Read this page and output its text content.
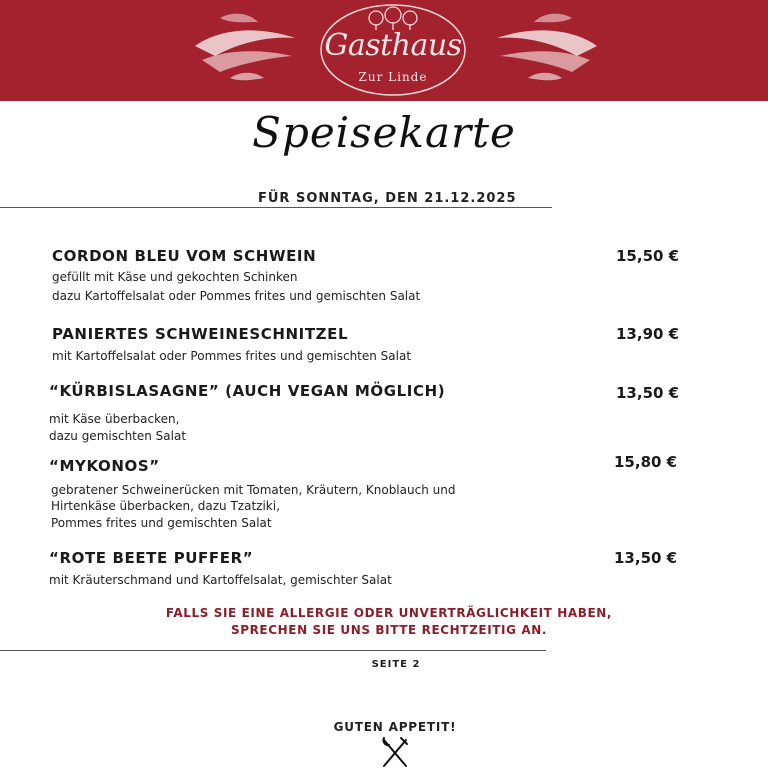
Gasthaus
Zur Linde
Speisekarte
FÜR SONNTAG, DEN 21.12.2025
CORDON BLEU VOM SCHWEIN	15,50 €
gefüllt mit Käse und gekochten Schinken
dazu Kartoffelsalat oder Pommes frites und gemischten Salat
PANIERTES SCHWEINESCHNITZEL	13,90 €
mit Kartoffelsalat oder Pommes frites und gemischten Salat
“KÜRBISLASAGNE” (AUCH VEGAN MÖGLICH)	13,50 €
mit Käse überbacken,
dazu gemischten Salat
“MYKONOS”	15,80 €
gebratener Schweinerücken mit Tomaten, Kräutern, Knoblauch und
Hirtenkäse überbacken, dazu Tzatziki,
Pommes frites und gemischten Salat
“ROTE BEETE PUFFER”	13,50 €
mit Kräuterschmand und Kartoffelsalat, gemischter Salat
FALLS SIE EINE ALLERGIE ODER UNVERTRÄGLICHKEIT HABEN,
SPRECHEN SIE UNS BITTE RECHTZEITIG AN.
SEITE 2
GUTEN APPETIT!
